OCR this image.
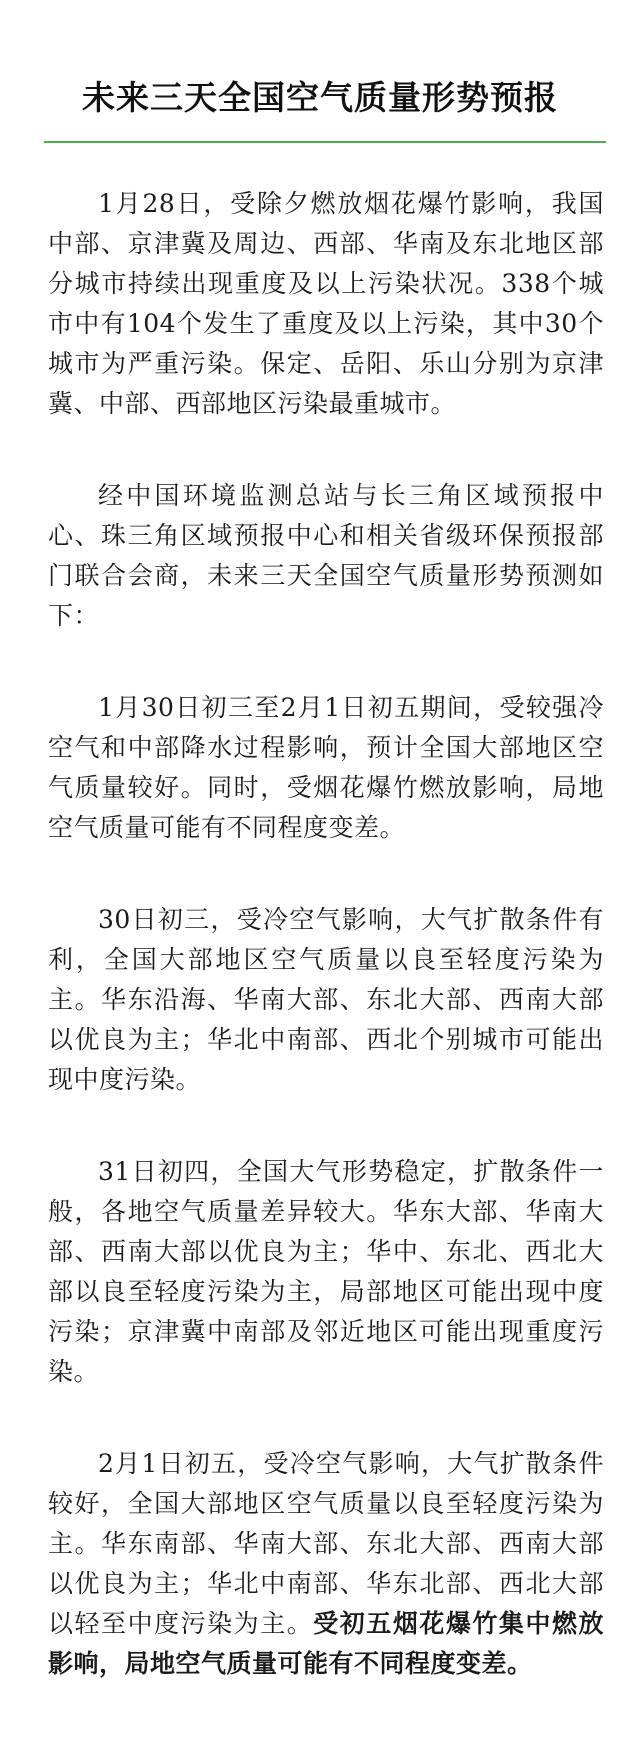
未来三天全国空气质量形势预报

1月28日，受除夕燃放烟花爆竹影响，我国中部、京津冀及周边、西部、华南及东北地区部分城市持续出现重度及以上污染状况。338个城市中有104个发生了重度及以上污染，其中30个城市为严重污染。保定、岳阳、乐山分别为京津冀、中部、西部地区污染最重城市。

经中国环境监测总站与长三角区域预报中心、珠三角区域预报中心和相关省级环保预报部门联合会商，未来三天全国空气质量形势预测如下：

1月30日初三至2月1日初五期间，受较强冷空气和中部降水过程影响，预计全国大部地区空气质量较好。同时，受烟花爆竹燃放影响，局地空气质量可能有不同程度变差。

30日初三，受冷空气影响，大气扩散条件有利，全国大部地区空气质量以良至轻度污染为主。华东沿海、华南大部、东北大部、西南大部以优良为主；华北中南部、西北个别城市可能出现中度污染。

31日初四，全国大气形势稳定，扩散条件一般，各地空气质量差异较大。华东大部、华南大部、西南大部以优良为主；华中、东北、西北大部以良至轻度污染为主，局部地区可能出现中度污染；京津冀中南部及邻近地区可能出现重度污染。

2月1日初五，受冷空气影响，大气扩散条件较好，全国大部地区空气质量以良至轻度污染为主。华东南部、华南大部、东北大部、西南大部以优良为主；华北中南部、华东北部、西北大部以轻至中度污染为主。受初五烟花爆竹集中燃放影响，局地空气质量可能有不同程度变差。
